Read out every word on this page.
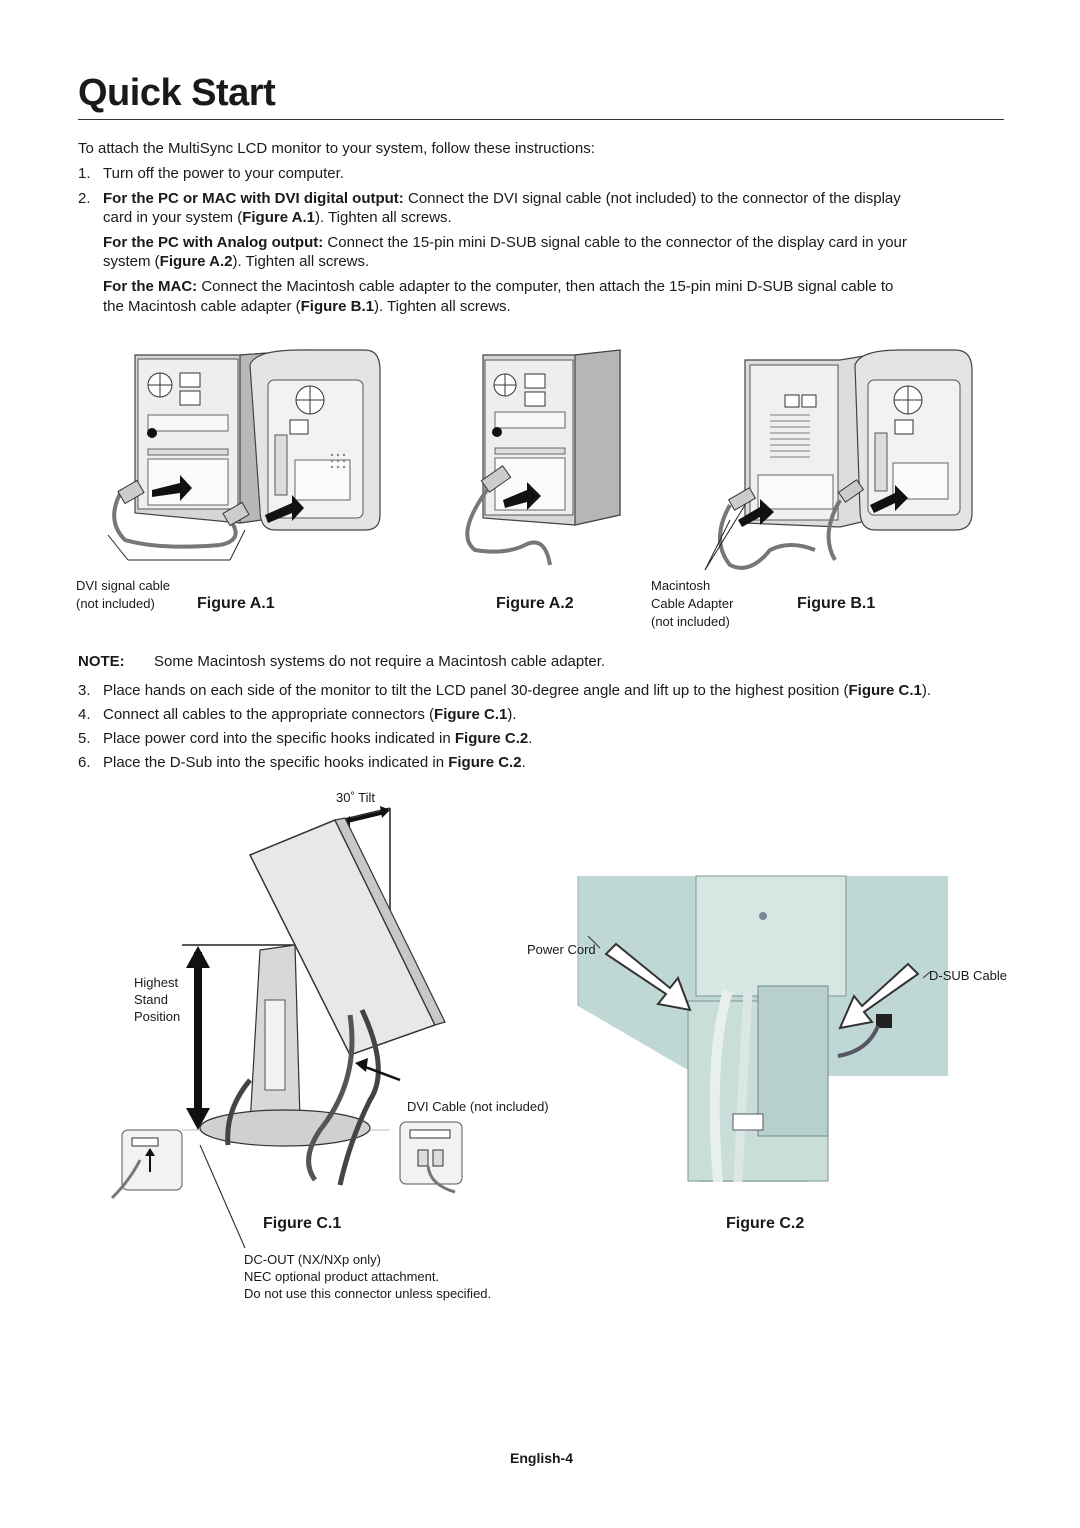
Quick Start
To attach the MultiSync LCD monitor to your system, follow these instructions:
1. Turn off the power to your computer.
2. For the PC or MAC with DVI digital output: Connect the DVI signal cable (not included) to the connector of the display
card in your system (Figure A.1). Tighten all screws.
For the PC with Analog output: Connect the 15-pin mini D-SUB signal cable to the connector of the display card in your
system (Figure A.2). Tighten all screws.
For the MAC: Connect the Macintosh cable adapter to the computer, then attach the 15-pin mini D-SUB signal cable to
the Macintosh cable adapter (Figure B.1). Tighten all screws.
DVI signal cable
(not included)	Figure A.1	Figure A.2
Macintosh
Cable Adapter
(not included)
Figure B.1
NOTE: Some Macintosh systems do not require a Macintosh cable adapter.
3. Place hands on each side of the monitor to tilt the LCD panel 30-degree angle and lift up to the highest position (Figure C.1).
4. Connect all cables to the appropriate connectors (Figure C.1).
5. Place power cord into the specific hooks indicated in Figure C.2.
6. Place the D-Sub into the specific hooks indicated in Figure C.2.
30˚ Tilt
Highest
Stand
Position
DVI Cable (not included)
Figure C.1
DC-OUT (NX/NXp only)
NEC optional product attachment.
Do not use this connector unless specified.
Power Cord
D-SUB Cable
Figure C.2
English-4
